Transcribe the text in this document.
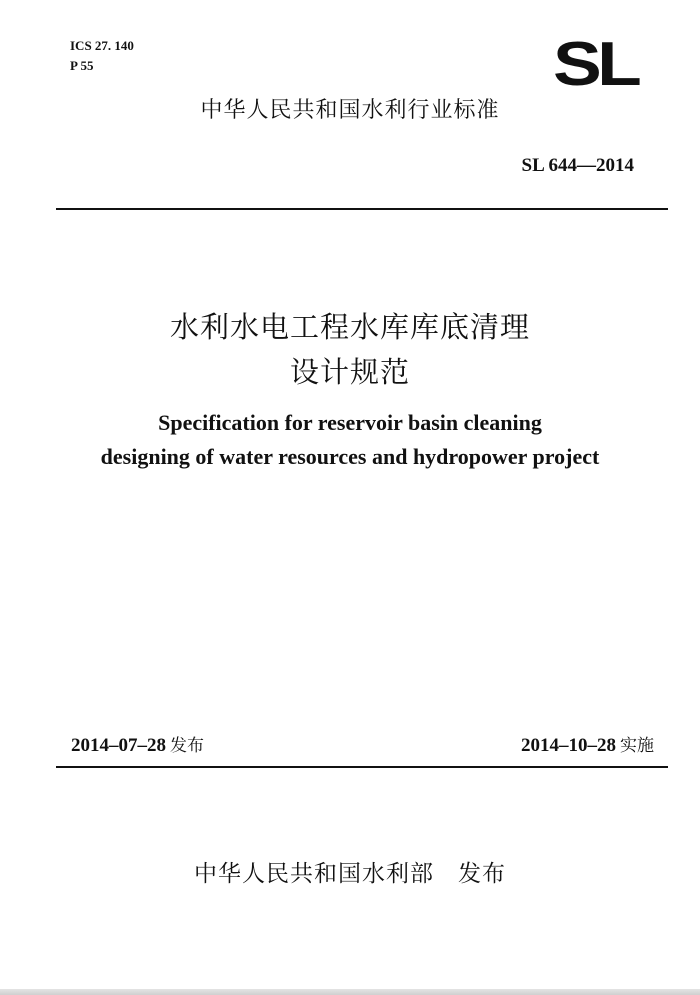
ICS 27. 140
P 55	SL
中华人民共和国水利行业标准
SL 644—2014
水利水电工程水库库底清理
设计规范
Specification for reservoir basin cleaning
designing of water resources and hydropower project
2014–07–28 发布	2014–10–28 实施
中华人民共和国水利部 发布
